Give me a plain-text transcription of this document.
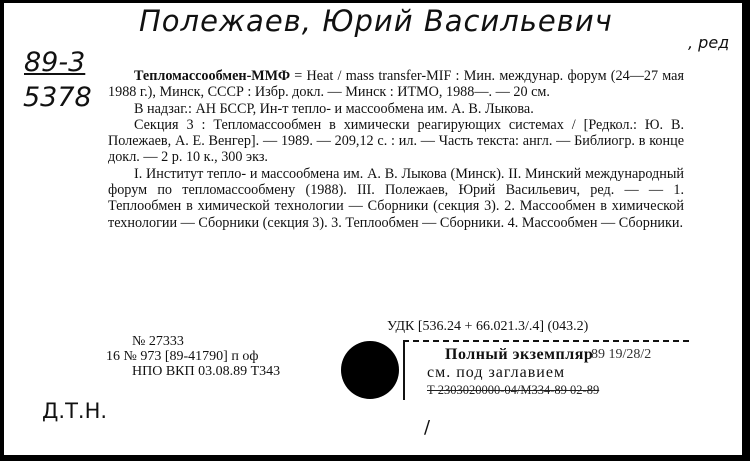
Полежаев, Юрий Васильевич
, ред
89-3
5378

Тепломассообмен-ММФ = Heat / mass transfer-MIF : Мин. междунар. форум (24—27 мая 1988 г.), Минск, СССР : Избр. докл. — Минск : ИТМО, 1988—. — 20 см.

В надзаг.: АН БССР, Ин-т тепло- и массообмена им. А. В. Лыкова.

Секция 3 : Тепломассообмен в химически реагирующих системах / [Редкол.: Ю. В. Полежаев, А. Е. Венгер]. — 1989. — 209,12 с. : ил. — Часть текста: англ. — Библиогр. в конце докл. — 2 р. 10 к., 300 экз.

I. Институт тепло- и массообмена им. А. В. Лыкова (Минск). II. Минский международный форум по тепломассообмену (1988). III. Полежаев, Юрий Васильевич, ред. — — 1. Теплообмен в химической технологии — Сборники (секция 3). 2. Массообмен в химической технологии — Сборники (секция 3). 3. Теплообмен — Сборники. 4. Массообмен — Сборники.

УДК [536.24 + 66.021.3/.4] (043.2)
№ 27333
16 № 973 [89-41790] п оф
НПО ВКП 03.08.89 Т343
Полный экземпляр
89 19/28/2
см. под заглавием
Т 2303020000-04/М334-89 02-89
Д.Т.Н.
/
